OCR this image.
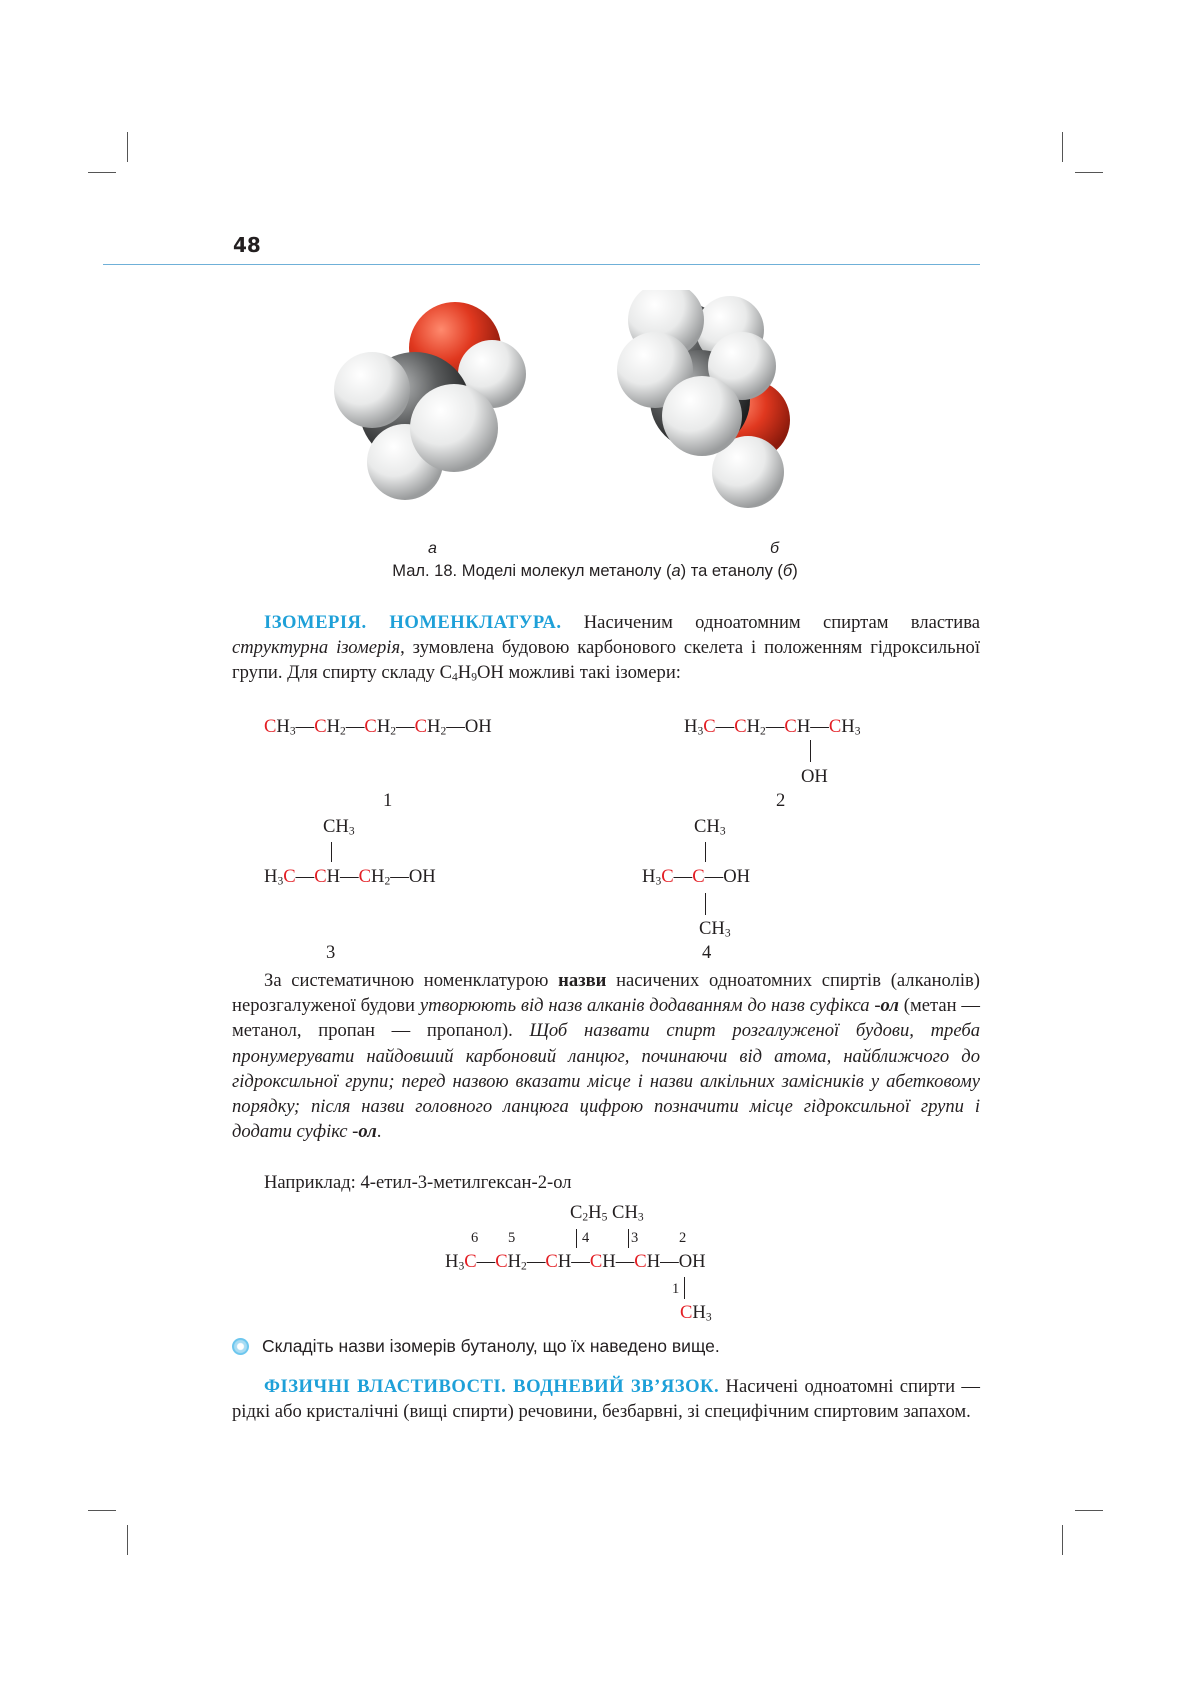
48
а	б
Мал. 18. Моделі молекул метанолу (а) та етанолу (б)
ІЗОМЕРІЯ. НОМЕНКЛАТУРА. Насиченим одноатомним спиртам властива структурна ізомерія, зумовлена будовою карбонового скелета і положенням гідроксильної групи. Для спирту складу $C_4H_9OH$ можливі такі ізомери:
$CH_3—CH_2—CH_2—CH_2—OH$
1
$H_3C—CH_2—CH—CH_3$
OH
2
$CH_3$
$H_3C—CH—CH_2—OH$
3
$CH_3$
$H_3C—C—OH$
$CH_3$
4
За систематичною номенклатурою назви насичених одноатомних спиртів (алканолів) нерозгалуженої будови утворюють від назв алканів додаванням до назв суфікса -ол (метан — метанол, пропан — пропанол). Щоб назвати спирт розгалуженої будови, треба пронумерувати найдовший карбоновий ланцюг, починаючи від атома, найближчого до гідроксильної групи; перед назвою вказати місце і назви алкільних замісників у абетковому порядку; після назви головного ланцюга цифрою позначити місце гідроксильної групи і додати суфікс -ол.
Наприклад: 4-етил-3-метилгексан-2-ол
$C_2H_5$ $CH_3$
6 5	4	3	2
$H_3C—CH_2—CH—CH—CH—OH$
1
$CH_3$
Складіть назви ізомерів бутанолу, що їх наведено вище.
ФІЗИЧНІ ВЛАСТИВОСТІ. ВОДНЕВИЙ ЗВ’ЯЗОК. Насичені одноатомні спирти — рідкі або кристалічні (вищі спирти) речовини, безбарвні, зі специфічним спиртовим запахом.
